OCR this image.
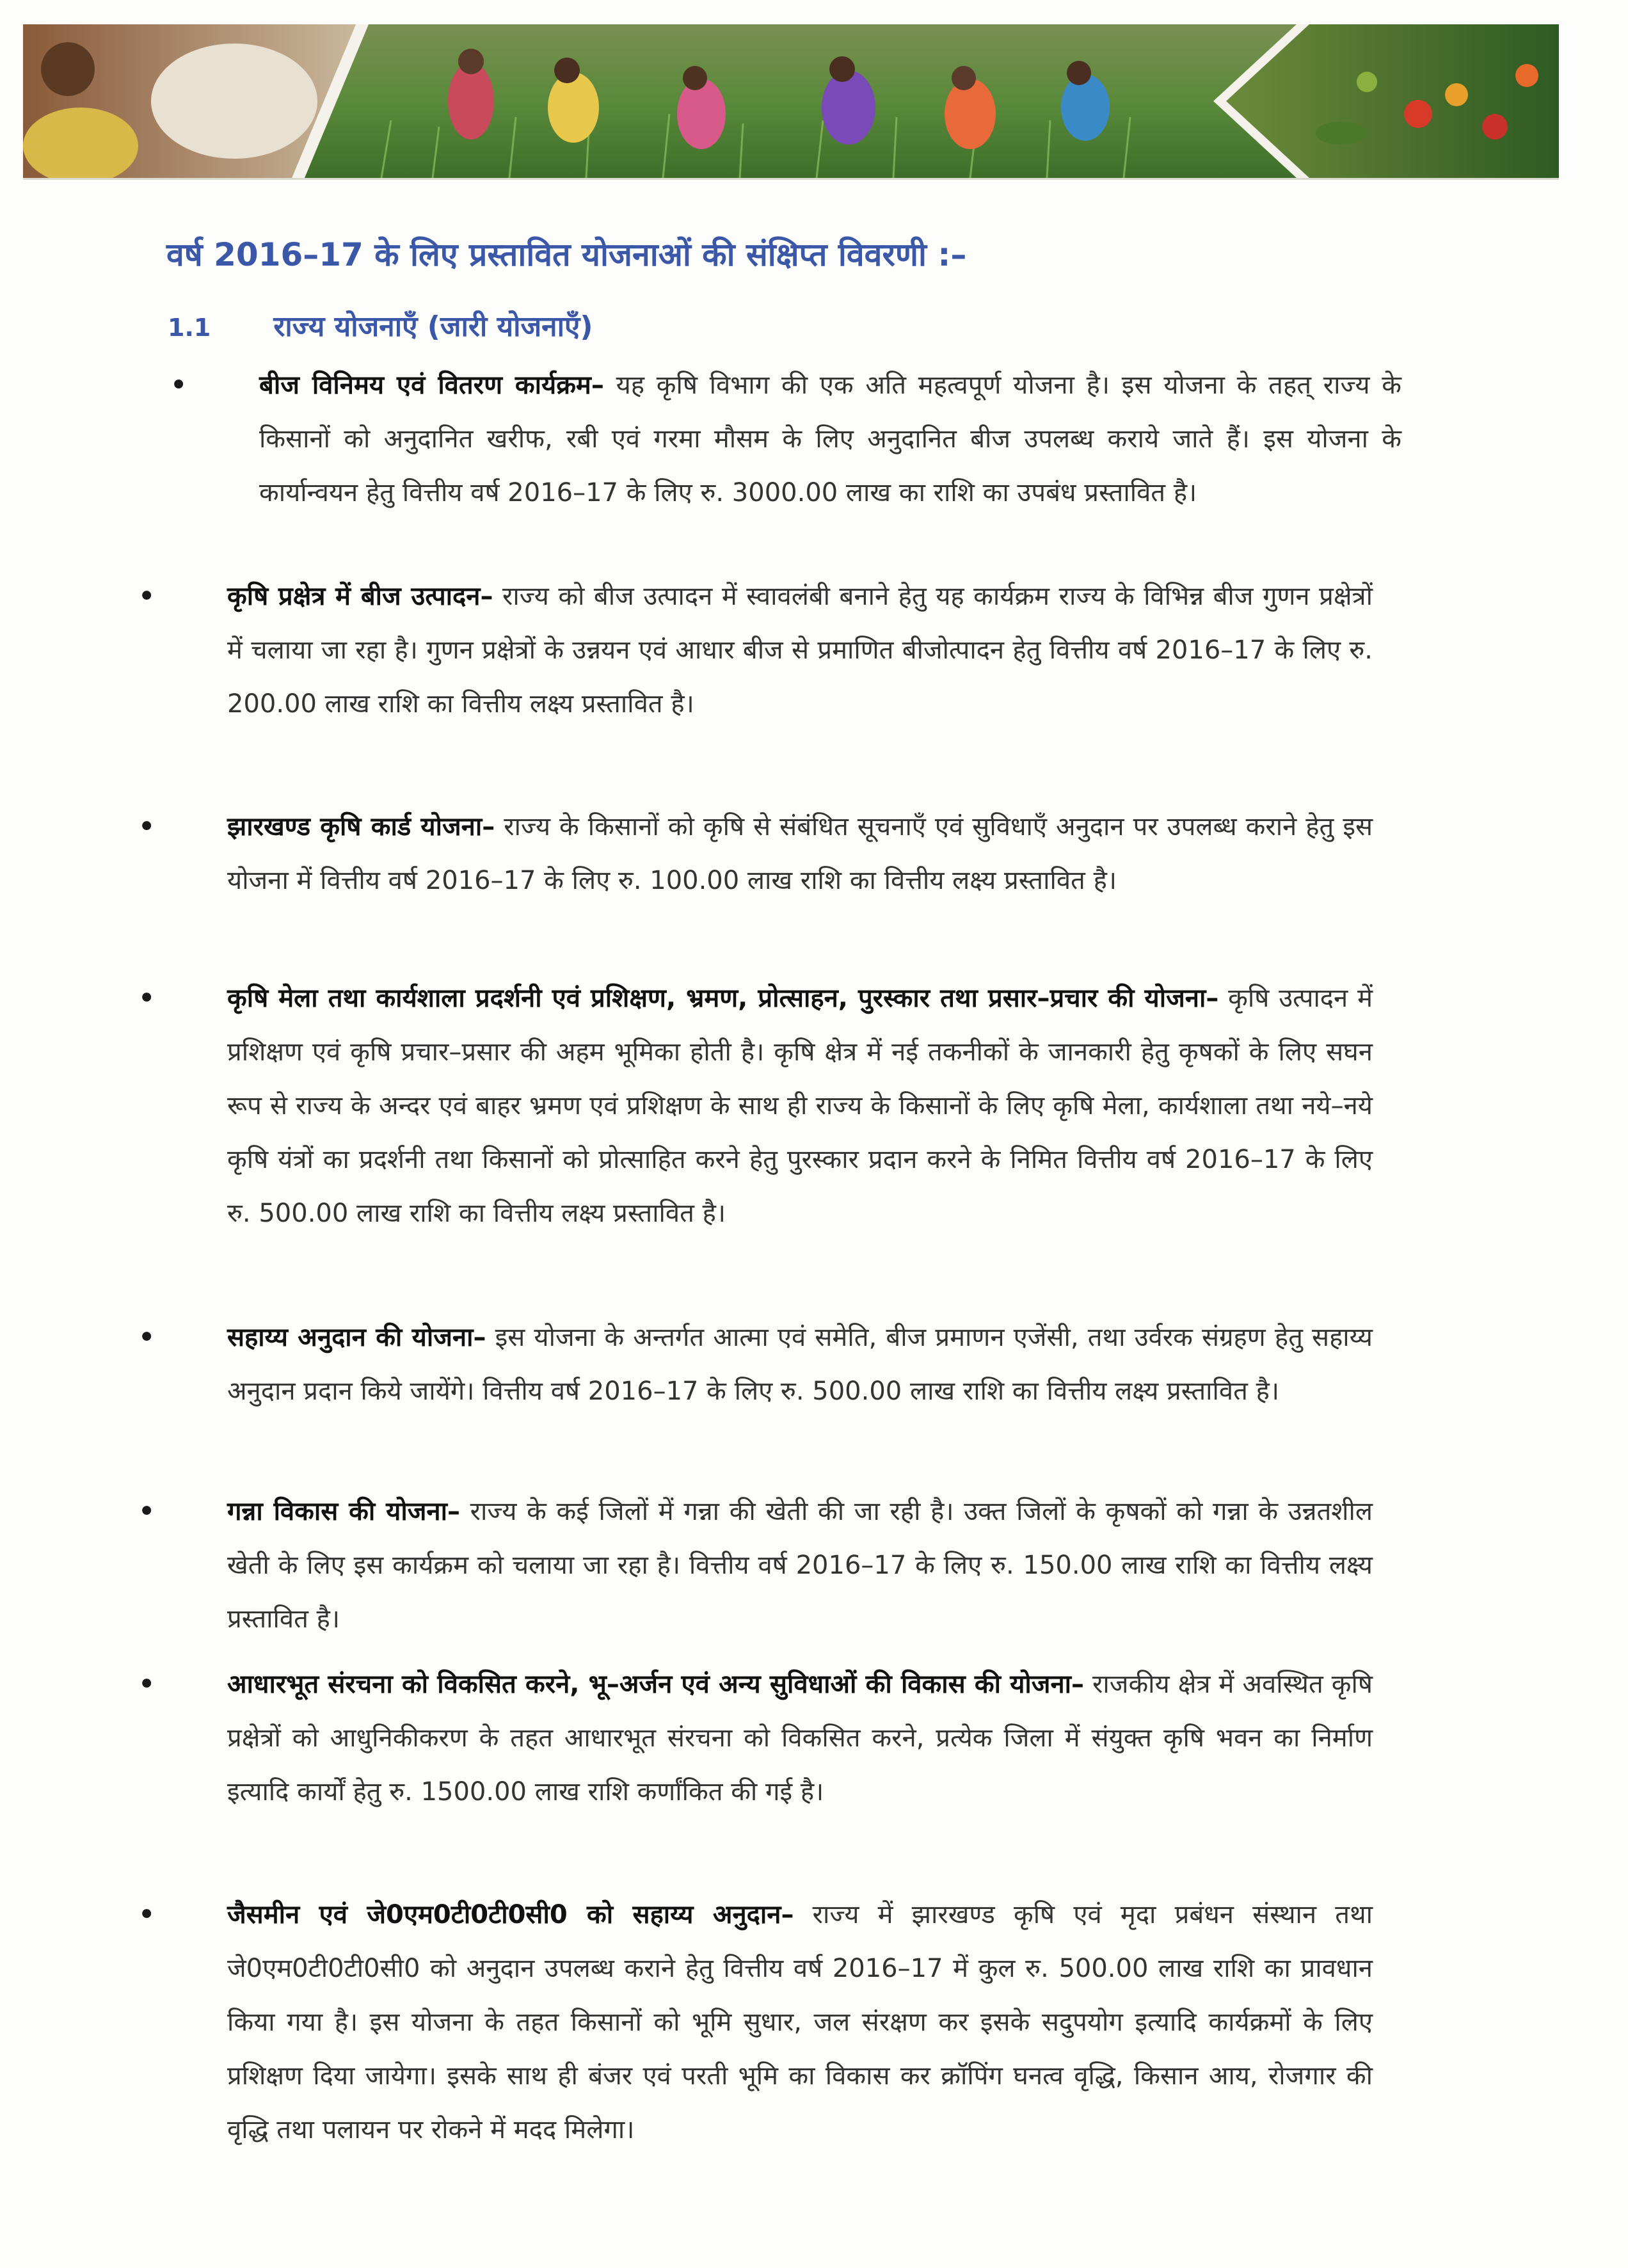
वर्ष 2016–17 के लिए प्रस्तावित योजनाओं की संक्षिप्त विवरणी :–
1.1 राज्य योजनाएँ (जारी योजनाएँ)
•	बीज विनिमय एवं वितरण कार्यक्रम– यह कृषि विभाग की एक अति महत्वपूर्ण योजना है। इस योजना के तहत् राज्य के किसानों को अनुदानित खरीफ, रबी एवं गरमा मौसम के लिए अनुदानित बीज उपलब्ध कराये जाते हैं। इस योजना के कार्यान्वयन हेतु वित्तीय वर्ष 2016–17 के लिए रु. 3000.00 लाख का राशि का उपबंध प्रस्तावित है।
•	कृषि प्रक्षेत्र में बीज उत्पादन– राज्य को बीज उत्पादन में स्वावलंबी बनाने हेतु यह कार्यक्रम राज्य के विभिन्न बीज गुणन प्रक्षेत्रों में चलाया जा रहा है। गुणन प्रक्षेत्रों के उन्नयन एवं आधार बीज से प्रमाणित बीजोत्पादन हेतु वित्तीय वर्ष 2016–17 के लिए रु. 200.00 लाख राशि का वित्तीय लक्ष्य प्रस्तावित है।
•	झारखण्ड कृषि कार्ड योजना– राज्य के किसानों को कृषि से संबंधित सूचनाएँ एवं सुविधाएँ अनुदान पर उपलब्ध कराने हेतु इस योजना में वित्तीय वर्ष 2016–17 के लिए रु. 100.00 लाख राशि का वित्तीय लक्ष्य प्रस्तावित है।
•	कृषि मेला तथा कार्यशाला प्रदर्शनी एवं प्रशिक्षण, भ्रमण, प्रोत्साहन, पुरस्कार तथा प्रसार–प्रचार की योजना– कृषि उत्पादन में प्रशिक्षण एवं कृषि प्रचार–प्रसार की अहम भूमिका होती है। कृषि क्षेत्र में नई तकनीकों के जानकारी हेतु कृषकों के लिए सघन रूप से राज्य के अन्दर एवं बाहर भ्रमण एवं प्रशिक्षण के साथ ही राज्य के किसानों के लिए कृषि मेला, कार्यशाला तथा नये–नये कृषि यंत्रों का प्रदर्शनी तथा किसानों को प्रोत्साहित करने हेतु पुरस्कार प्रदान करने के निमित वित्तीय वर्ष 2016–17 के लिए रु. 500.00 लाख राशि का वित्तीय लक्ष्य प्रस्तावित है।
•	सहाय्य अनुदान की योजना– इस योजना के अन्तर्गत आत्मा एवं समेति, बीज प्रमाणन एजेंसी, तथा उर्वरक संग्रहण हेतु सहाय्य अनुदान प्रदान किये जायेंगे। वित्तीय वर्ष 2016–17 के लिए रु. 500.00 लाख राशि का वित्तीय लक्ष्य प्रस्तावित है।
•	गन्ना विकास की योजना– राज्य के कई जिलों में गन्ना की खेती की जा रही है। उक्त जिलों के कृषकों को गन्ना के उन्नतशील खेती के लिए इस कार्यक्रम को चलाया जा रहा है। वित्तीय वर्ष 2016–17 के लिए रु. 150.00 लाख राशि का वित्तीय लक्ष्य प्रस्तावित है।
•	आधारभूत संरचना को विकसित करने, भू–अर्जन एवं अन्य सुविधाओं की विकास की योजना– राजकीय क्षेत्र में अवस्थित कृषि प्रक्षेत्रों को आधुनिकीकरण के तहत आधारभूत संरचना को विकसित करने, प्रत्येक जिला में संयुक्त कृषि भवन का निर्माण इत्यादि कार्यों हेतु रु. 1500.00 लाख राशि कर्णांकित की गई है।
•	जैसमीन एवं जे0एम0टी0टी0सी0 को सहाय्य अनुदान– राज्य में झारखण्ड कृषि एवं मृदा प्रबंधन संस्थान तथा जे0एम0टी0टी0सी0 को अनुदान उपलब्ध कराने हेतु वित्तीय वर्ष 2016–17 में कुल रु. 500.00 लाख राशि का प्रावधान किया गया है। इस योजना के तहत किसानों को भूमि सुधार, जल संरक्षण कर इसके सदुपयोग इत्यादि कार्यक्रमों के लिए प्रशिक्षण दिया जायेगा। इसके साथ ही बंजर एवं परती भूमि का विकास कर क्रॉपिंग घनत्व वृद्धि, किसान आय, रोजगार की वृद्धि तथा पलायन पर रोकने में मदद मिलेगा।
